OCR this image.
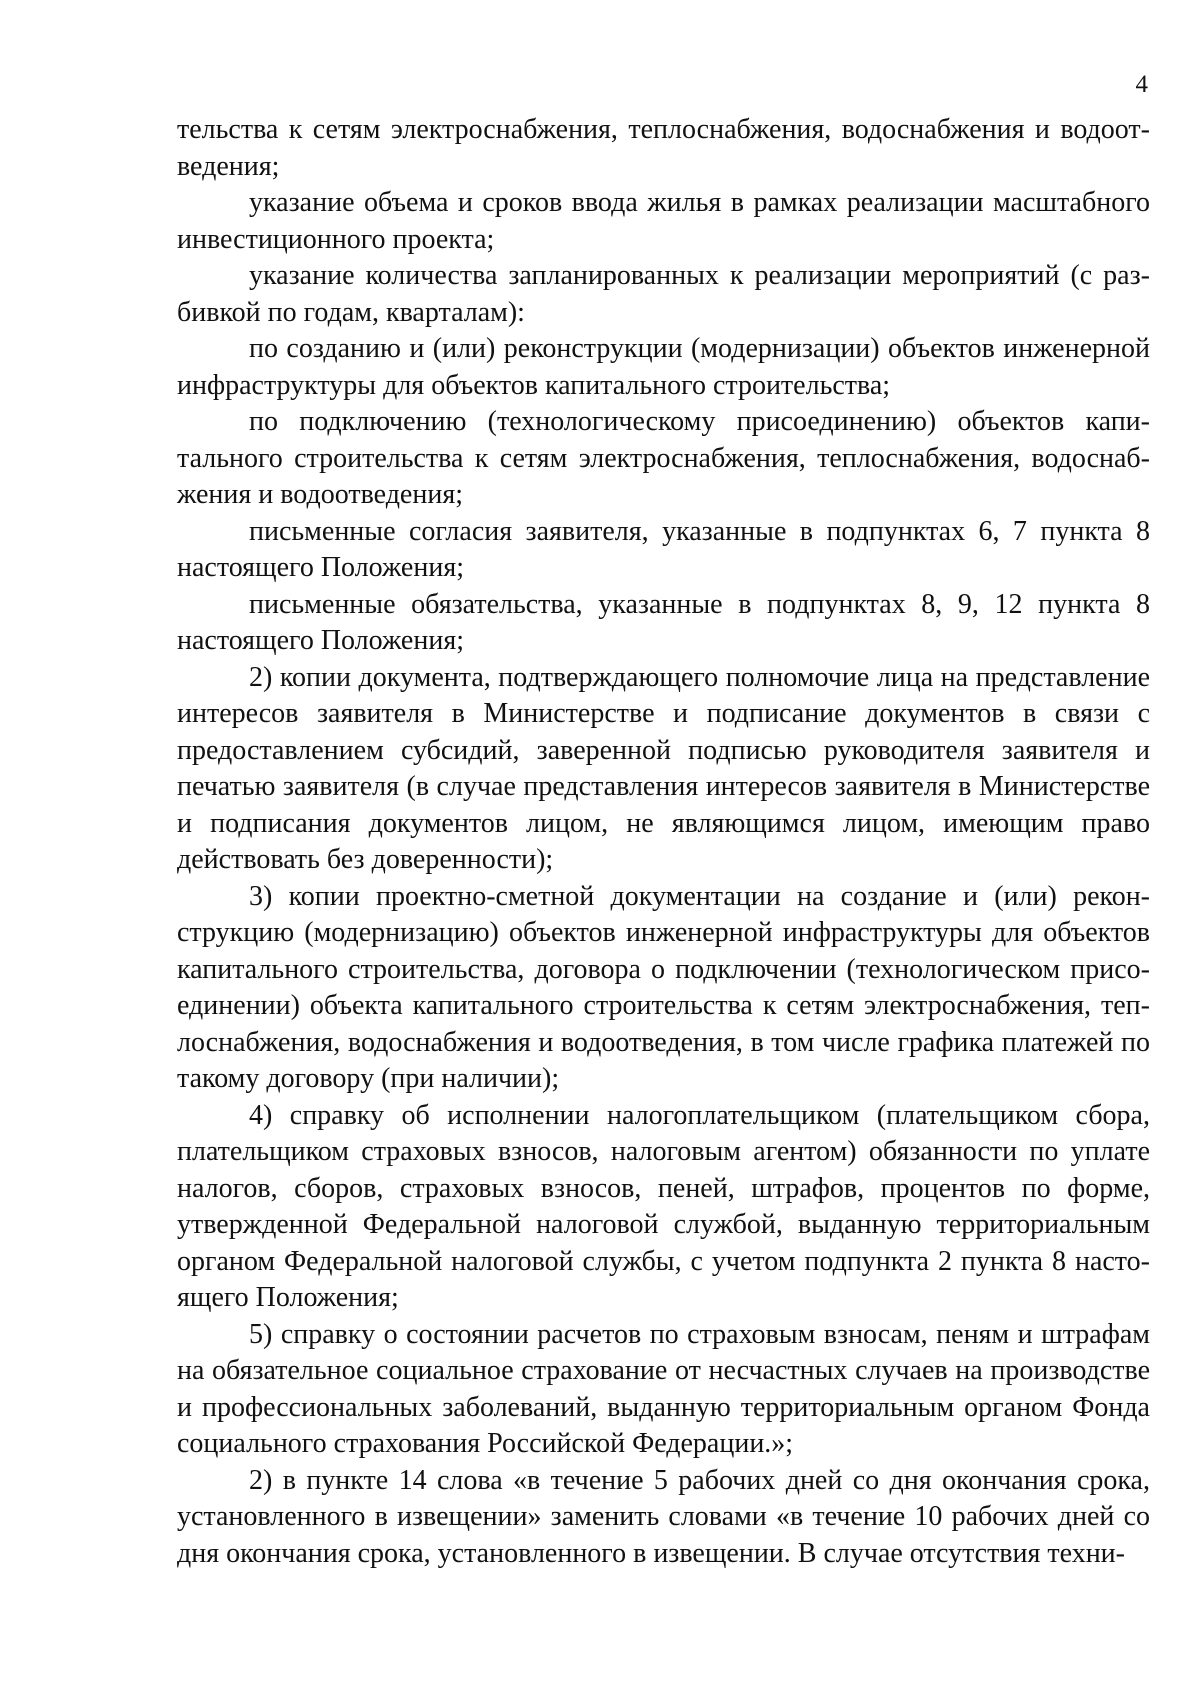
4

тельства к сетям электроснабжения, теплоснабжения, водоснабжения и водоотведения;

указание объема и сроков ввода жилья в рамках реализации масштабного инвестиционного проекта;

указание количества запланированных к реализации мероприятий (с разбивкой по годам, кварталам):

по созданию и (или) реконструкции (модернизации) объектов инженерной инфраструктуры для объектов капитального строительства;

по подключению (технологическому присоединению) объектов капитального строительства к сетям электроснабжения, теплоснабжения, водоснабжения и водоотведения;

письменные согласия заявителя, указанные в подпунктах 6, 7 пункта 8 настоящего Положения;

письменные обязательства, указанные в подпунктах 8, 9, 12 пункта 8 настоящего Положения;

2) копии документа, подтверждающего полномочие лица на представление интересов заявителя в Министерстве и подписание документов в связи с предоставлением субсидий, заверенной подписью руководителя заявителя и печатью заявителя (в случае представления интересов заявителя в Министерстве и подписания документов лицом, не являющимся лицом, имеющим право действовать без доверенности);

3) копии проектно-сметной документации на создание и (или) реконструкцию (модернизацию) объектов инженерной инфраструктуры для объектов капитального строительства, договора о подключении (технологическом присоединении) объекта капитального строительства к сетям электроснабжения, теплоснабжения, водоснабжения и водоотведения, в том числе графика платежей по такому договору (при наличии);

4) справку об исполнении налогоплательщиком (плательщиком сбора, плательщиком страховых взносов, налоговым агентом) обязанности по уплате налогов, сборов, страховых взносов, пеней, штрафов, процентов по форме, утвержденной Федеральной налоговой службой, выданную территориальным органом Федеральной налоговой службы, с учетом подпункта 2 пункта 8 настоящего Положения;

5) справку о состоянии расчетов по страховым взносам, пеням и штрафам на обязательное социальное страхование от несчастных случаев на производстве и профессиональных заболеваний, выданную территориальным органом Фонда социального страхования Российской Федерации.»;

2) в пункте 14 слова «в течение 5 рабочих дней со дня окончания срока, установленного в извещении» заменить словами «в течение 10 рабочих дней со дня окончания срока, установленного в извещении. В случае отсутствия техни-
